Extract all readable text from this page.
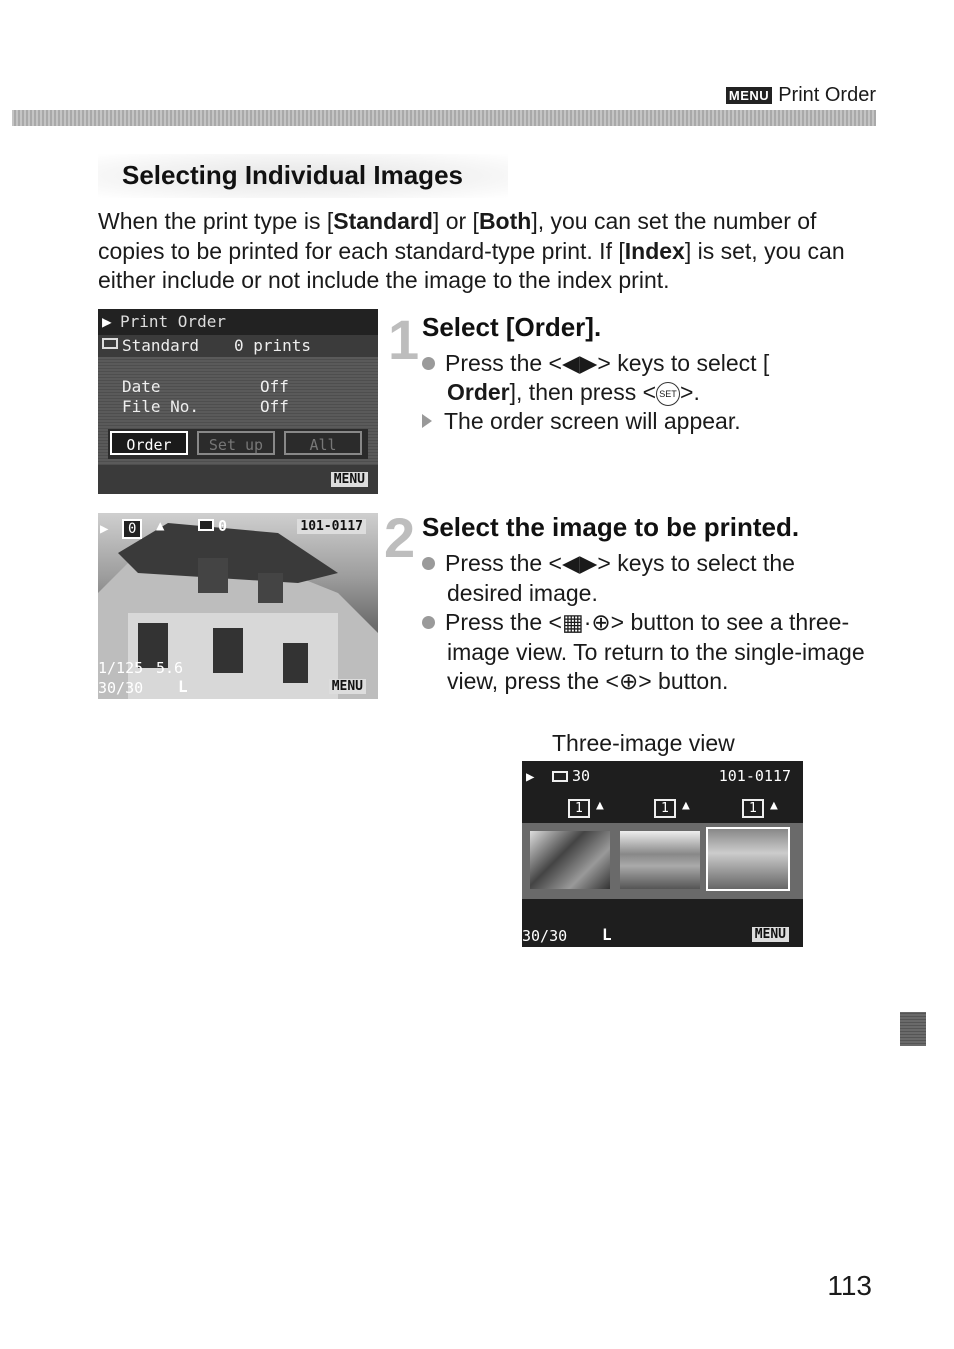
MENU Print Order
Selecting Individual Images
When the print type is [Standard] or [Both], you can set the number of copies to be printed for each standard-type print. If [Index] is set, you can either include or not include the image to the index print.
▶ Print Order
Standard 0 prints
Date	Off
File No.	Off
Order	Set up	All
MENU
▶	0	▲	0	101-0117
1/125 5.6
30/30 L	MENU
1 Select [Order].
Press the <◀▶> keys to select [
Order], then press < SET >.
The order screen will appear.
2 Select the image to be printed.
Press the <◀▶> keys to select the desired image.
Press the <▦·⊕> button to see a three-image view. To return to the single-image view, press the <⊕> button.
Three-image view
▶	30	101-0117
1	▲	1	▲	1	▲
30/30 L	MENU
113
